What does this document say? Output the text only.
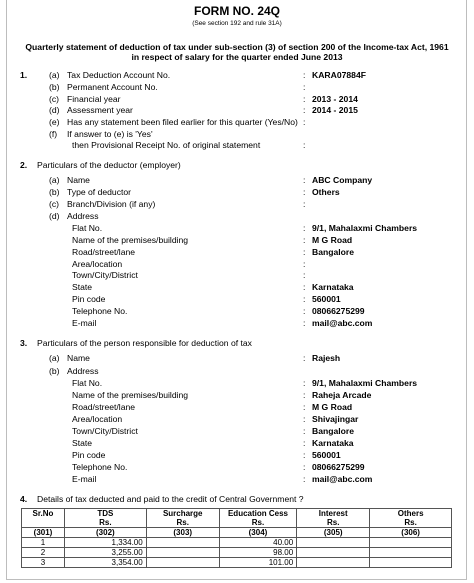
FORM NO. 24Q
(See section 192 and rule 31A)
Quarterly statement of deduction of tax under sub-section (3) of section 200 of the Income-tax Act, 1961
in respect of salary for the quarter ended June 2013
1.	(a) Tax Deduction Account No.	: KARA07884F
(b) Permanent Account No.	:
(c) Financial year	: 2013 - 2014
(d) Assessment year	: 2014 - 2015
(e) Has any statement been filed earlier for this quarter (Yes/No) :
(f) If answer to (e) is 'Yes'
then Provisional Receipt No. of original statement	:
2. Particulars of the deductor (employer)
(a) Name	: ABC Company
(b) Type of deductor	: Others
(c) Branch/Division (if any)	:
(d) Address
Flat No.	: 9/1, Mahalaxmi Chambers
Name of the premises/building	: M G Road
Road/street/lane	: Bangalore
Area/location	:
Town/City/District	:
State	: Karnataka
Pin code	: 560001
Telephone No.	: 08066275299
E-mail	: mail@abc.com
3. Particulars of the person responsible for deduction of tax
(a) Name	: Rajesh
(b) Address
Flat No.	: 9/1, Mahalaxmi Chambers
Name of the premises/building	: Raheja Arcade
Road/street/lane	: M G Road
Area/location	: Shivajingar
Town/City/District	: Bangalore
State	: Karnataka
Pin code	: 560001
Telephone No.	: 08066275299
E-mail	: mail@abc.com
4. Details of tax deducted and paid to the credit of Central Government ?
Sr.No	TDS	Surcharge	Education Cess	Interest	Others
	Rs.	Rs.	Rs.	Rs.	Rs.
(301)	(302)	(303)	(304)	(305)	(306)
1	1,334.00		40.00		
2	3,255.00		98.00		
3	3,354.00		101.00		
